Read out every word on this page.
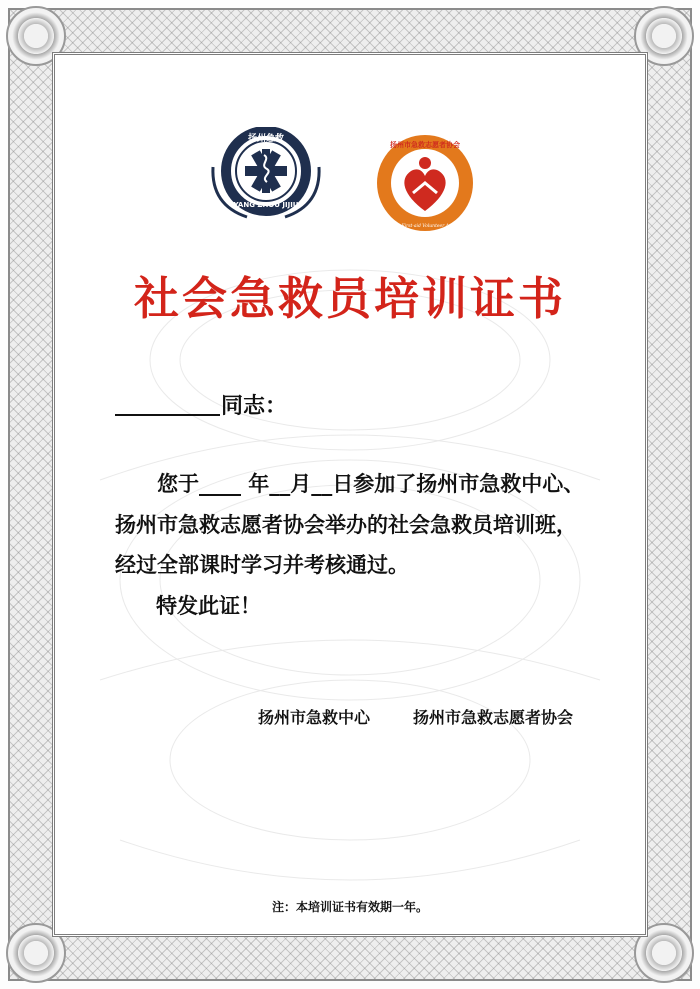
扬州急救
YANG ZHOU JIJIU
扬州市急救志愿者协会
Yangzhou First-aid Volunteer Association
社会急救员培训证书
同志：
您于____ 年__月__日参加了扬州市急救中心、
扬州市急救志愿者协会举办的社会急救员培训班，
经过全部课时学习并考核通过。
特发此证！
扬州市急救中心	扬州市急救志愿者协会
注：本培训证书有效期一年。
